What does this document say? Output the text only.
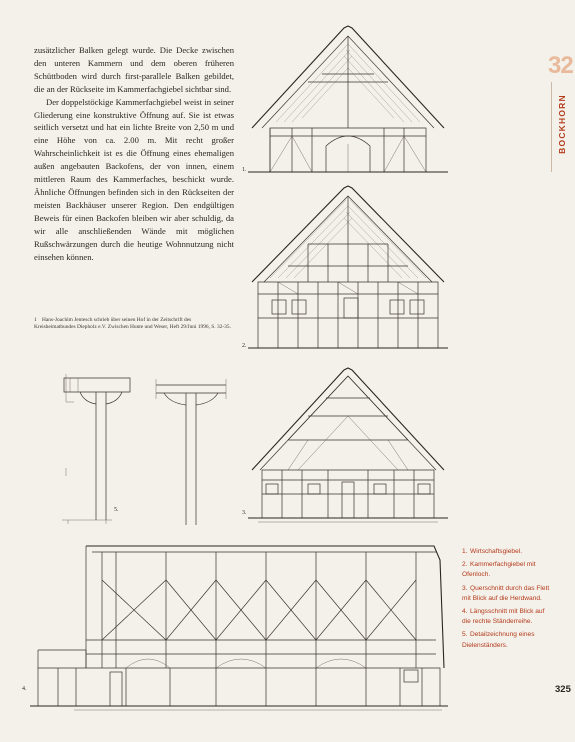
zusätzlicher Balken gelegt wurde. Die Decke zwischen den unteren Kammern und dem oberen früheren Schüttboden wird durch first-parallele Balken gebildet, die an der Rückseite im Kammerfachgiebel sichtbar sind.

Der doppelstöckige Kammerfachgiebel weist in seiner Gliederung eine konstruktive Öffnung auf. Sie ist etwas seitlich versetzt und hat ein lichte Breite von 2,50 m und eine Höhe von ca. 2.00 m. Mit recht großer Wahrscheinlichkeit ist es die Öffnung eines ehemaligen außen angebauten Backofens, der von innen, einem mittleren Raum des Kammerfaches, beschickt wurde. Ähnliche Öffnungen befinden sich in den Rückseiten der meisten Backhäuser unserer Region. Den endgültigen Beweis für einen Backofen bleiben wir aber schuldig, da wir alle anschließenden Wände mit möglichen Rußschwärzungen durch die heutige Wohnnutzung nicht einsehen können.

1 Hans-Joachim Jentesch schrieb über seinen Hof in der Zeitschrift des Kreisheimatbundes Diepholz e.V. Zwischen Hunte und Weser, Heft 29/Juni 1996, S. 32-35.
32
BOCKHORN
1.
2.
5.	3.
4.
1. Wirtschaftsgiebel.
2. Kammerfachgiebel mit Ofenloch.
3. Querschnitt durch das Flett mit Blick auf die Herdwand.
4. Längsschnitt mit Blick auf die rechte Ständerreihe.
5. Detailzeichnung eines Dielenständers.
325
